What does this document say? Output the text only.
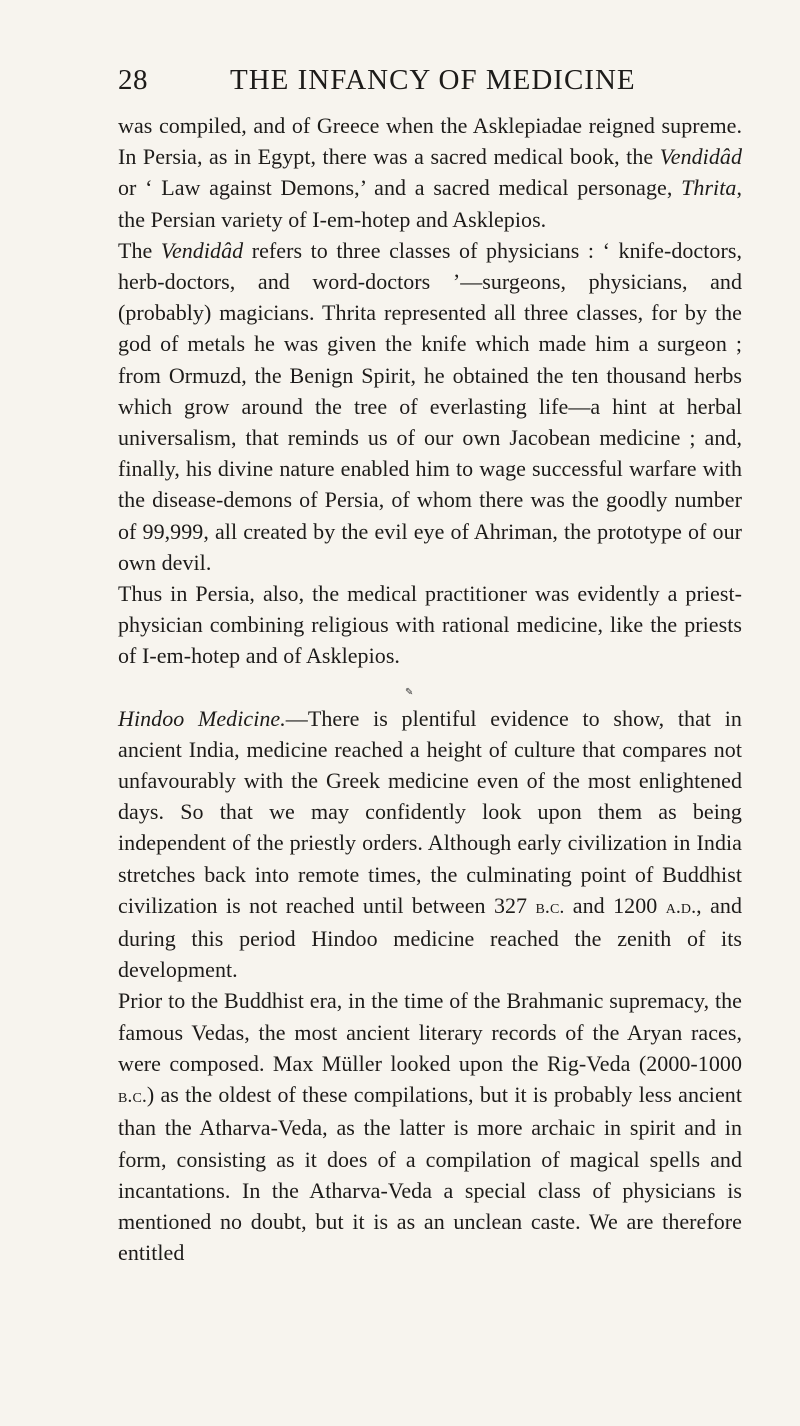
28	THE INFANCY OF MEDICINE

was compiled, and of Greece when the Asklepiadae reigned supreme. In Persia, as in Egypt, there was a sacred medical book, the Vendidâd or ‘ Law against Demons,’ and a sacred medical personage, Thrita, the Persian variety of I-em-hotep and Asklepios.

The Vendidâd refers to three classes of physicians : ‘ knife-doctors, herb-doctors, and word-doctors ’—surgeons, physicians, and (probably) magicians. Thrita represented all three classes, for by the god of metals he was given the knife which made him a surgeon ; from Ormuzd, the Benign Spirit, he obtained the ten thousand herbs which grow around the tree of everlasting life—a hint at herbal universalism, that reminds us of our own Jacobean medicine ; and, finally, his divine nature enabled him to wage successful warfare with the disease-demons of Persia, of whom there was the goodly number of 99,999, all created by the evil eye of Ahriman, the prototype of our own devil.

Thus in Persia, also, the medical practitioner was evidently a priest-physician combining religious with rational medicine, like the priests of I-em-hotep and of Asklepios.

Hindoo Medicine.—There is plentiful evidence to show, that in ancient India, medicine reached a height of culture that compares not unfavourably with the Greek medicine even of the most enlightened days. So that we may confidently look upon them as being independent of the priestly orders. Although early civilization in India stretches back into remote times, the culminating point of Buddhist civilization is not reached until between 327 b.c. and 1200 a.d., and during this period Hindoo medicine reached the zenith of its development.

Prior to the Buddhist era, in the time of the Brahmanic supremacy, the famous Vedas, the most ancient literary records of the Aryan races, were composed. Max Müller looked upon the Rig-Veda (2000-1000 b.c.) as the oldest of these compilations, but it is probably less ancient than the Atharva-Veda, as the latter is more archaic in spirit and in form, consisting as it does of a compilation of magical spells and incantations. In the Atharva-Veda a special class of physicians is mentioned no doubt, but it is as an unclean caste. We are therefore entitled

✎
